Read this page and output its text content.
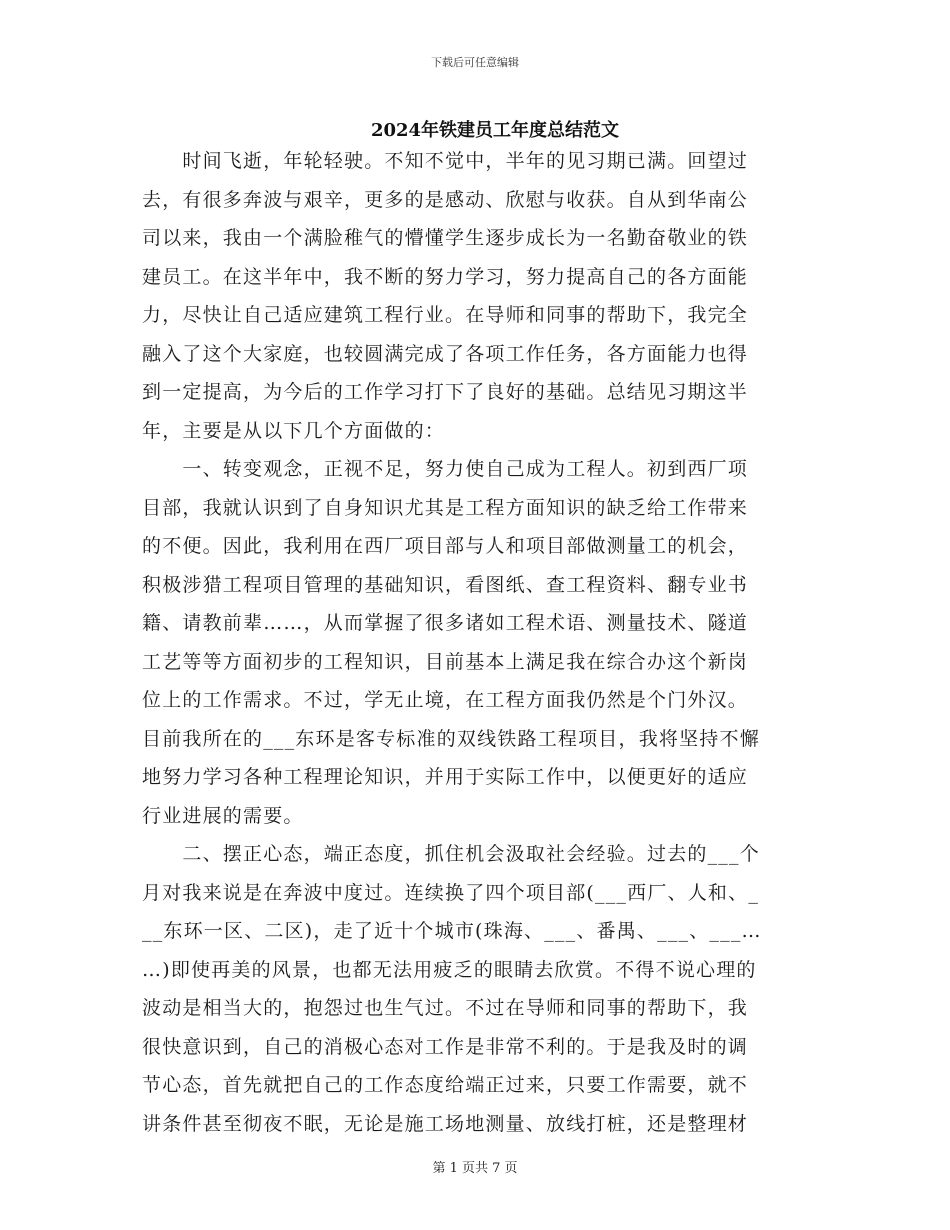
下载后可任意编辑
2024年铁建员工年度总结范文
　　时间飞逝，年轮轻驶。不知不觉中，半年的见习期已满。回望过
去，有很多奔波与艰辛，更多的是感动、欣慰与收获。自从到华南公
司以来，我由一个满脸稚气的懵懂学生逐步成长为一名勤奋敬业的铁
建员工。在这半年中，我不断的努力学习，努力提高自己的各方面能
力，尽快让自己适应建筑工程行业。在导师和同事的帮助下，我完全
融入了这个大家庭，也较圆满完成了各项工作任务，各方面能力也得
到一定提高，为今后的工作学习打下了良好的基础。总结见习期这半
年，主要是从以下几个方面做的：
　　一、转变观念，正视不足，努力使自己成为工程人。初到西厂项
目部，我就认识到了自身知识尤其是工程方面知识的缺乏给工作带来
的不便。因此，我利用在西厂项目部与人和项目部做测量工的机会，
积极涉猎工程项目管理的基础知识，看图纸、查工程资料、翻专业书
籍、请教前辈……，从而掌握了很多诸如工程术语、测量技术、隧道
工艺等等方面初步的工程知识，目前基本上满足我在综合办这个新岗
位上的工作需求。不过，学无止境，在工程方面我仍然是个门外汉。
目前我所在的___东环是客专标准的双线铁路工程项目，我将坚持不懈
地努力学习各种工程理论知识，并用于实际工作中，以便更好的适应
行业进展的需要。
　　二、摆正心态，端正态度，抓住机会汲取社会经验。过去的___个
月对我来说是在奔波中度过。连续换了四个项目部(___西厂、人和、_
__东环一区、二区)，走了近十个城市(珠海、___、番禺、___、___…
…)即使再美的风景，也都无法用疲乏的眼睛去欣赏。不得不说心理的
波动是相当大的，抱怨过也生气过。不过在导师和同事的帮助下，我
很快意识到，自己的消极心态对工作是非常不利的。于是我及时的调
节心态，首先就把自己的工作态度给端正过来，只要工作需要，就不
讲条件甚至彻夜不眠，无论是施工场地测量、放线打桩，还是整理材
第 1 页共 7 页
